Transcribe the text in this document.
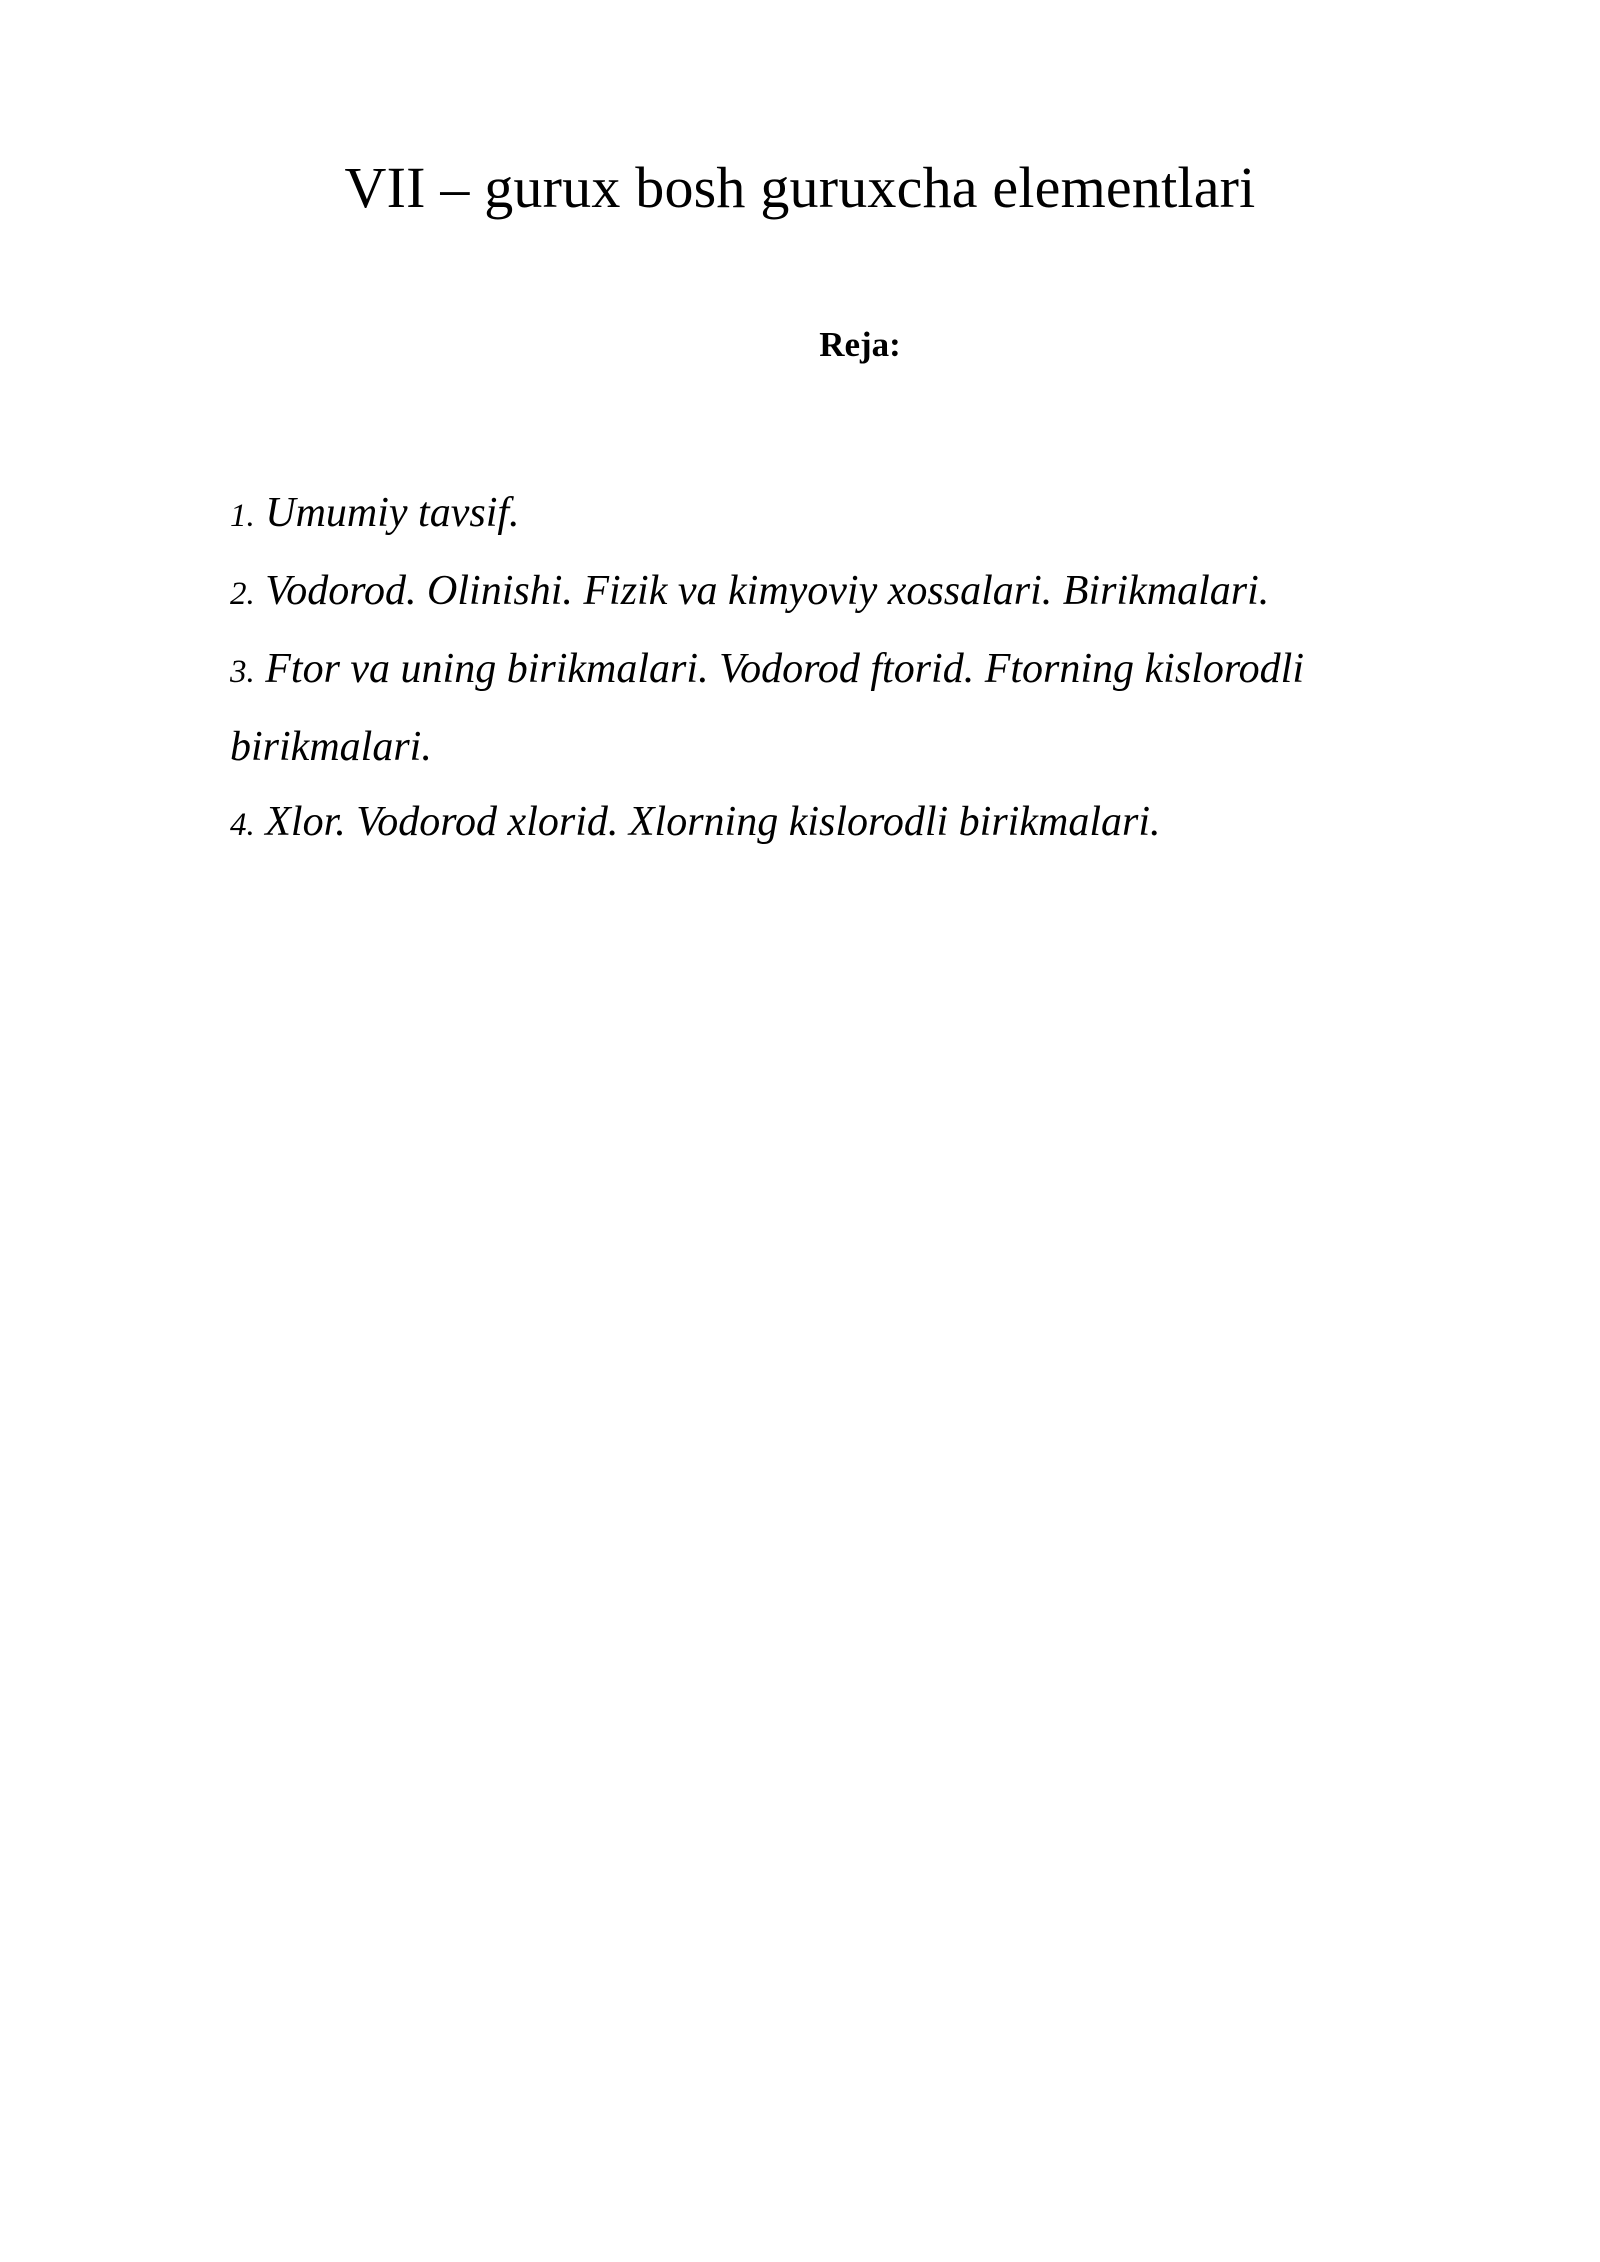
VII – gurux bosh guruxcha elementlari
Reja:
1. Umumiy tavsif.
2. Vodorod. Olinishi. Fizik va kimyoviy xossalari. Birikmalari.
3. Ftor va uning birikmalari. Vodorod ftorid. Ftorning kislorodli birikmalari.
4. Xlor. Vodorod xlorid. Xlorning kislorodli birikmalari.
